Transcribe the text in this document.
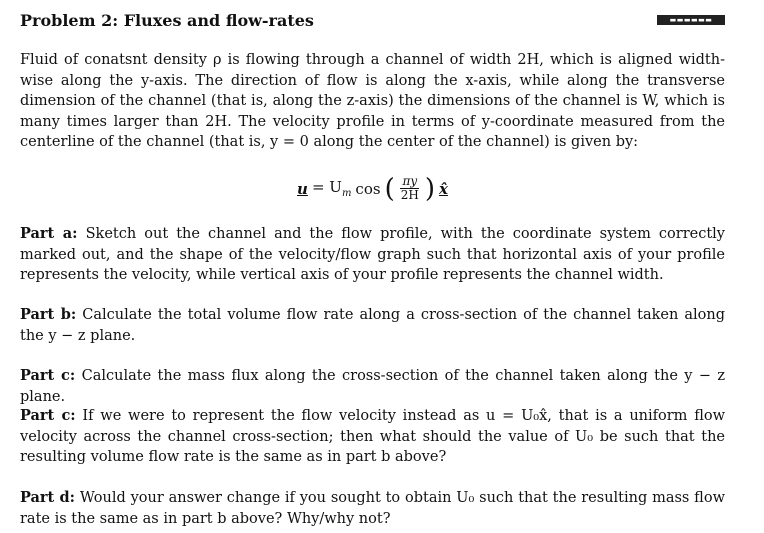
Problem 2: Fluxes and flow-rates

Fluid of conatsnt density ρ is flowing through a channel of width 2H, which is aligned width-wise along the y-axis. The direction of flow is along the x-axis, while along the transverse dimension of the channel (that is, along the z-axis) the dimensions of the channel is W, which is many times larger than 2H. The velocity profile in terms of y-coordinate measured from the centerline of the channel (that is, y = 0 along the center of the channel) is given by:

$u = U_m$ cos ( $\frac{\pi y}{2H}$ ) x̂

Part a: Sketch out the channel and the flow profile, with the coordinate system correctly marked out, and the shape of the velocity/flow graph such that horizontal axis of your profile represents the velocity, while vertical axis of your profile represents the channel width.

Part b: Calculate the total volume flow rate along a cross-section of the channel taken along the y − z plane.

Part c: Calculate the mass flux along the cross-section of the channel taken along the y − z plane.

Part c: If we were to represent the flow velocity instead as u = U₀x̂, that is a uniform flow velocity across the channel cross-section; then what should the value of U₀ be such that the resulting volume flow rate is the same as in part b above?

Part d: Would your answer change if you sought to obtain U₀ such that the resulting mass flow rate is the same as in part b above? Why/why not?

▬▬▬▬▬▬
